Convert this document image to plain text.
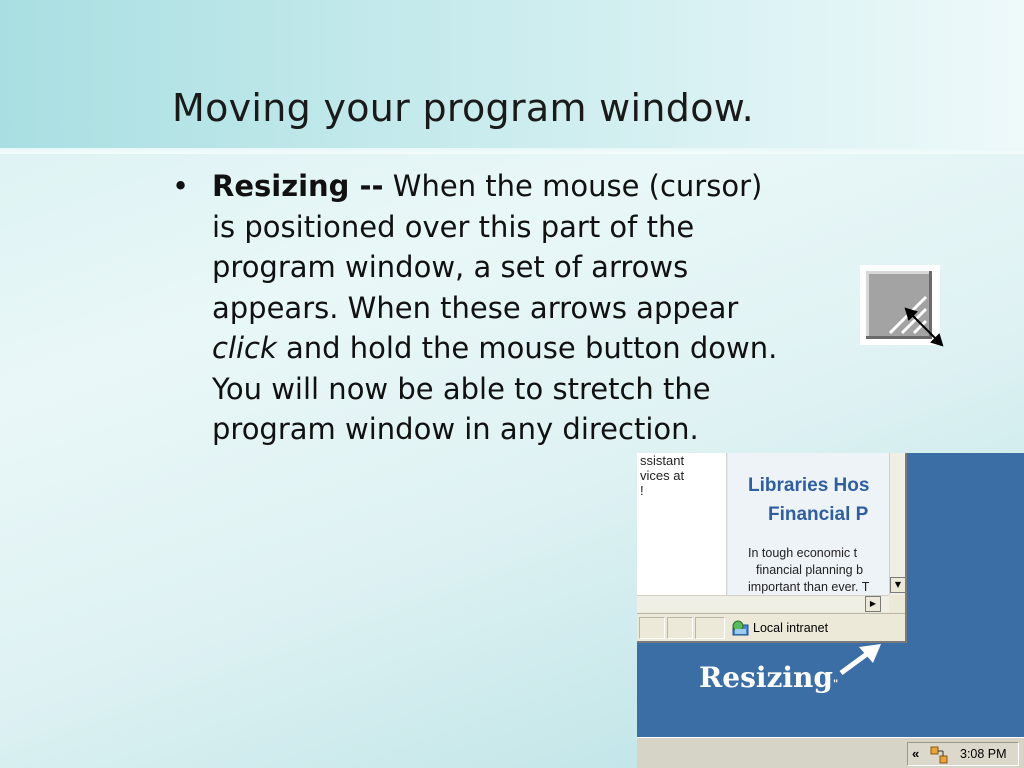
Moving your program window.
• Resizing -- When the mouse (cursor) is positioned over this part of the program window, a set of arrows appears. When these arrows appear click and hold the mouse button down. You will now be able to stretch the program window in any direction.

ssistant
vices at
!	Libraries Hos
Financial P
In tough economic t
financial planning b
important than ever. T	▼
▶
Local intranet
Resizing"
«	3:08 PM
